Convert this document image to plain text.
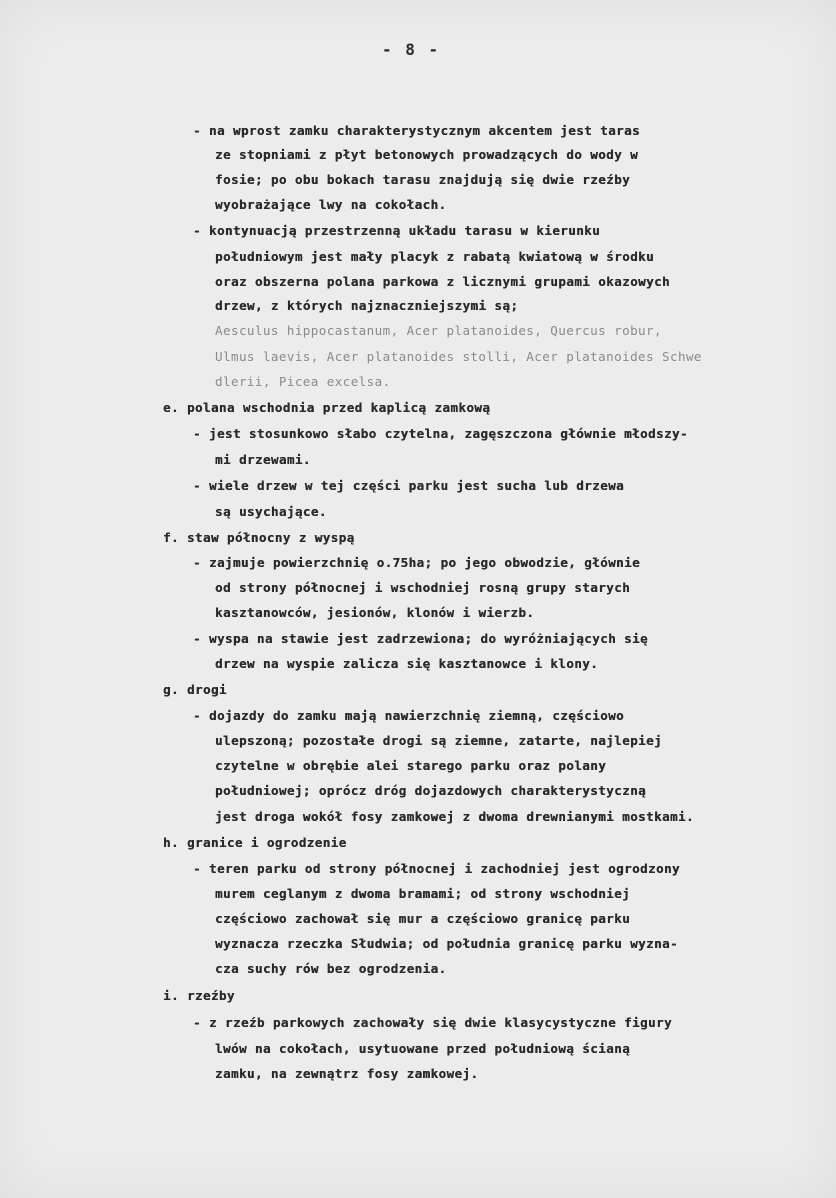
- 8 -
- na wprost zamku charakterystycznym akcentem jest taras
ze stopniami z płyt betonowych prowadzących do wody w
fosie; po obu bokach tarasu znajdują się dwie rzeźby
wyobrażające lwy na cokołach.
- kontynuacją przestrzenną układu tarasu w kierunku
południowym jest mały placyk z rabatą kwiatową w środku
oraz obszerna polana parkowa z licznymi grupami okazowych
drzew, z których najznaczniejszymi są;
Aesculus hippocastanum, Acer platanoides, Quercus robur,
Ulmus laevis, Acer platanoides stolli, Acer platanoides Schwe
dlerii, Picea excelsa.
e. polana wschodnia przed kaplicą zamkową
- jest stosunkowo słabo czytelna, zagęszczona głównie młodszy-
mi drzewami.
- wiele drzew w tej części parku jest sucha lub drzewa
są usychające.
f. staw północny z wyspą
- zajmuje powierzchnię o.75ha; po jego obwodzie, głównie
od strony północnej i wschodniej rosną grupy starych
kasztanowców, jesionów, klonów i wierzb.
- wyspa na stawie jest zadrzewiona; do wyróżniających się
drzew na wyspie zalicza się kasztanowce i klony.
g. drogi
- dojazdy do zamku mają nawierzchnię ziemną, częściowo
ulepszoną; pozostałe drogi są ziemne, zatarte, najlepiej
czytelne w obrębie alei starego parku oraz polany
południowej; oprócz dróg dojazdowych charakterystyczną
jest droga wokół fosy zamkowej z dwoma drewnianymi mostkami.
h. granice i ogrodzenie
- teren parku od strony północnej i zachodniej jest ogrodzony
murem ceglanym z dwoma bramami; od strony wschodniej
częściowo zachował się mur a częściowo granicę parku
wyznacza rzeczka Słudwia; od południa granicę parku wyzna-
cza suchy rów bez ogrodzenia.
i. rzeźby
- z rzeźb parkowych zachowały się dwie klasycystyczne figury
lwów na cokołach, usytuowane przed południową ścianą
zamku, na zewnątrz fosy zamkowej.
